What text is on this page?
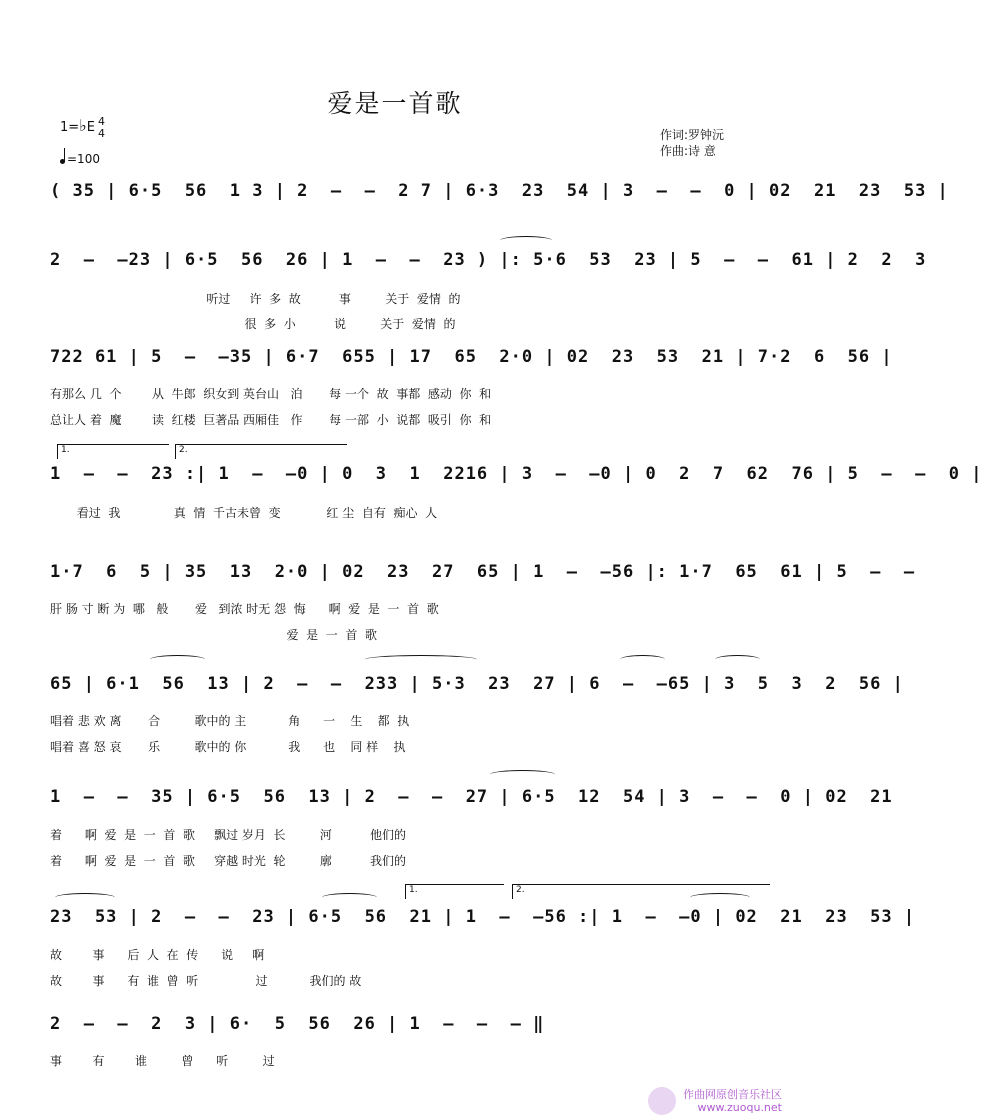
爱是一首歌
1=♭E 4
4
=100
作词:罗钟沅
作曲:诗 意
( 35 | 6·5  56  1 3 | 2  –  –  2 7 | 6·3  23  54 | 3  –  –  0 | 02  21  23  53 |
2  –  –23 | 6·5  56  26 | 1  –  –  23 ) |: 5·6  53  23 | 5  –  –  61 | 2  2  3
听过     许  多  故          事         关于  爱情  的
很  多  小          说         关于  爱情  的
722 61 | 5  –  –35 | 6·7  655 | 17  65  2·0 | 02  23  53  21 | 7·2  6  56 |
有那么 几  个        从  牛郎  织女到 英台山   泊       每 一个  故  事都  感动  你  和
总让人 着  魔        读  红楼  巨著品 西厢佳   作       每 一部  小  说都  吸引  你  和
1.	2.
1  –  –  23 :| 1  –  –0 | 0  3  1  2216 | 3  –  –0 | 0  2  7  62  76 | 5  –  –  0 |
看过  我              真  情  千古未曾  变            红 尘  自有  痴心  人
1·7  6  5 | 35  13  2·0 | 02  23  27  65 | 1  –  –56 |: 1·7  65  61 | 5  –  –
肝 肠 寸 断 为  哪   般       爱   到浓 时无 怨  悔      啊  爱  是  一  首  歌
爱  是  一  首  歌
65 | 6·1  56  13 | 2  –  –  233 | 5·3  23  27 | 6  –  –65 | 3  5  3  2  56 |
唱着 悲 欢 离       合         歌中的 主           角      一    生    都  执
唱着 喜 怒 哀       乐         歌中的 你           我      也    同 样    执
1  –  –  35 | 6·5  56  13 | 2  –  –  27 | 6·5  12  54 | 3  –  –  0 | 02  21
着      啊  爱  是  一  首  歌     飘过 岁月  长         河          他们的
着      啊  爱  是  一  首  歌     穿越 时光  轮         廓          我们的
1.	2.
23  53 | 2  –  –  23 | 6·5  56  21 | 1  –  –56 :| 1  –  –0 | 02  21  23  53 |
故        事      后  人  在  传      说     啊
故        事      有  谁  曾  听               过           我们的 故
2  –  –  2  3 | 6·  5  56  26 | 1  –  –  – ‖
事        有        谁         曾      听         过
作曲网原创音乐社区
www.zuoqu.net
